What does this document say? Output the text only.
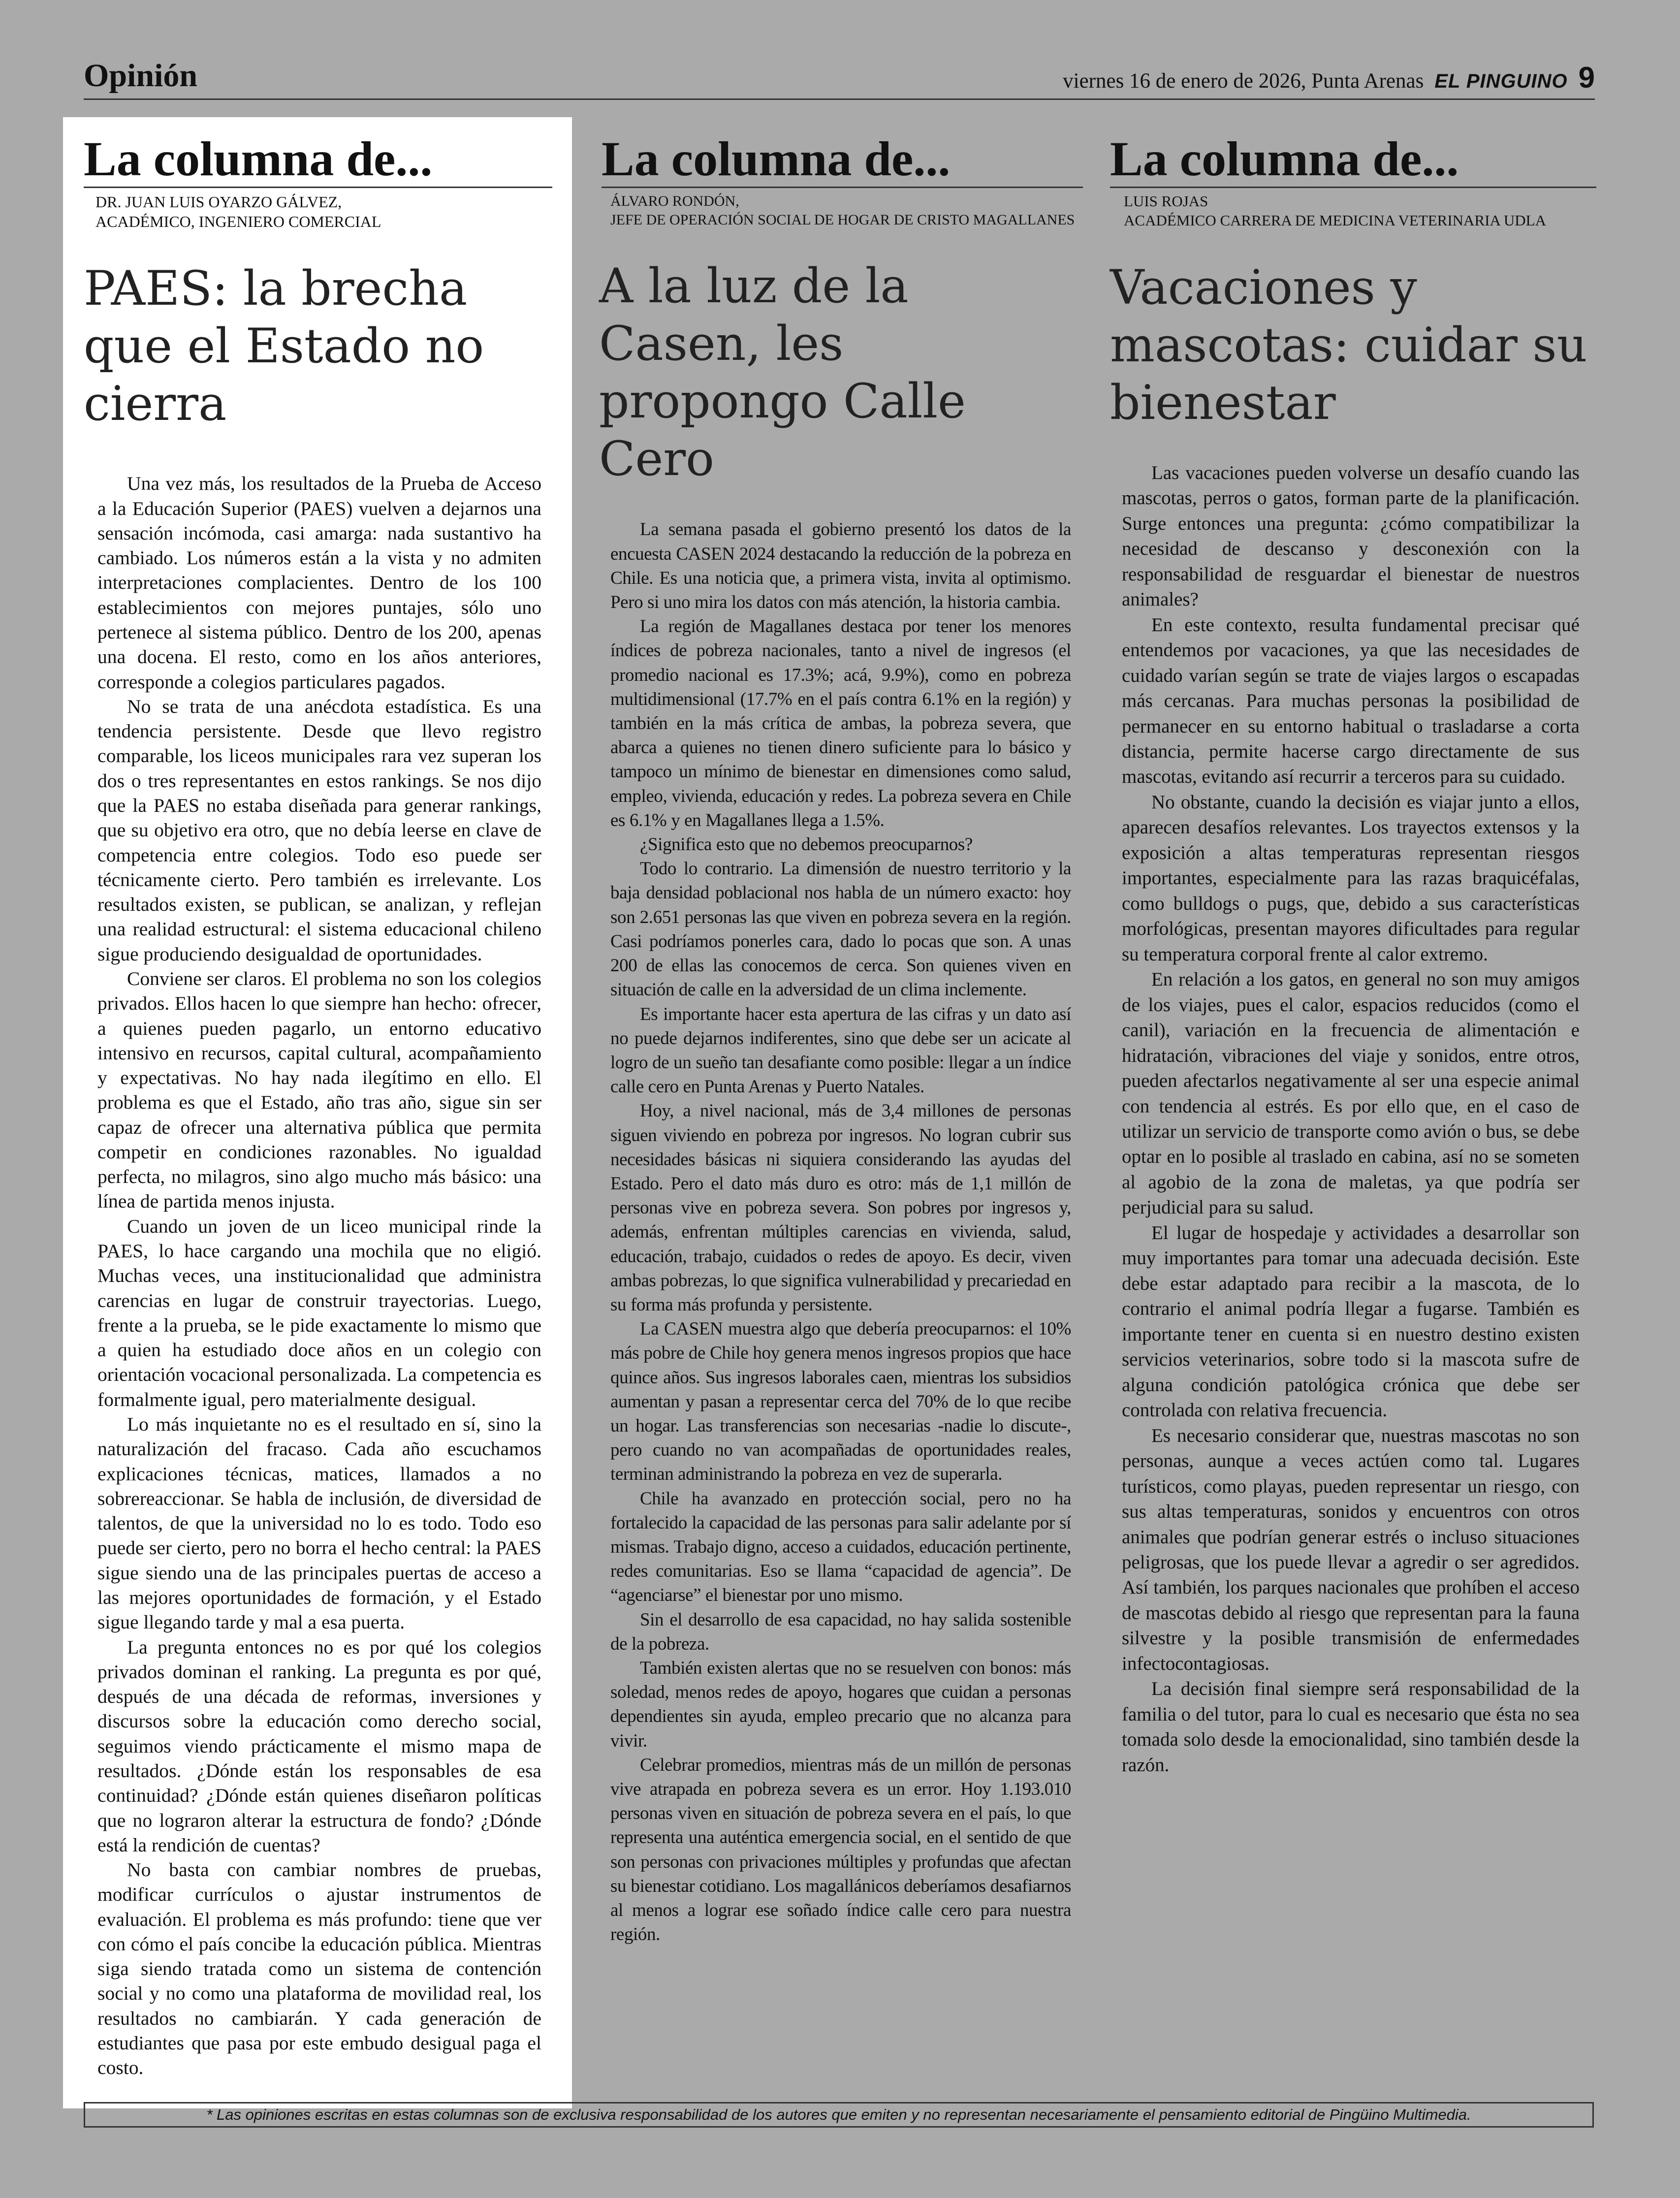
Opinión	viernes 16 de enero de 2026, Punta Arenas EL PINGUINO 9
La columna de...
DR. JUAN LUIS OYARZO GÁLVEZ,
ACADÉMICO, INGENIERO COMERCIAL
PAES: la brecha que el Estado no cierra

Una vez más, los resultados de la Prueba de Acceso a la Educación Superior (PAES) vuelven a dejarnos una sensación incómoda, casi amarga: nada sustantivo ha cambiado. Los números están a la vista y no admiten interpretaciones complacientes. Dentro de los 100 establecimientos con mejores puntajes, sólo uno pertenece al sistema público. Dentro de los 200, apenas una docena. El resto, como en los años anteriores, corresponde a colegios particulares pagados.

No se trata de una anécdota estadística. Es una tendencia persistente. Desde que llevo registro comparable, los liceos municipales rara vez superan los dos o tres representantes en estos rankings. Se nos dijo que la PAES no estaba diseñada para generar rankings, que su objetivo era otro, que no debía leerse en clave de competencia entre colegios. Todo eso puede ser técnicamente cierto. Pero también es irrelevante. Los resultados existen, se publican, se analizan, y reflejan una realidad estructural: el sistema educacional chileno sigue produciendo desigualdad de oportunidades.

Conviene ser claros. El problema no son los colegios privados. Ellos hacen lo que siempre han hecho: ofrecer, a quienes pueden pagarlo, un entorno educativo intensivo en recursos, capital cultural, acompañamiento y expectativas. No hay nada ilegítimo en ello. El problema es que el Estado, año tras año, sigue sin ser capaz de ofrecer una alternativa pública que permita competir en condiciones razonables. No igualdad perfecta, no milagros, sino algo mucho más básico: una línea de partida menos injusta.

Cuando un joven de un liceo municipal rinde la PAES, lo hace cargando una mochila que no eligió. Muchas veces, una institucionalidad que administra carencias en lugar de construir trayectorias. Luego, frente a la prueba, se le pide exactamente lo mismo que a quien ha estudiado doce años en un colegio con orientación vocacional personalizada. La competencia es formalmente igual, pero materialmente desigual.

Lo más inquietante no es el resultado en sí, sino la naturalización del fracaso. Cada año escuchamos explicaciones técnicas, matices, llamados a no sobrereaccionar. Se habla de inclusión, de diversidad de talentos, de que la universidad no lo es todo. Todo eso puede ser cierto, pero no borra el hecho central: la PAES sigue siendo una de las principales puertas de acceso a las mejores oportunidades de formación, y el Estado sigue llegando tarde y mal a esa puerta.

La pregunta entonces no es por qué los colegios privados dominan el ranking. La pregunta es por qué, después de una década de reformas, inversiones y discursos sobre la educación como derecho social, seguimos viendo prácticamente el mismo mapa de resultados. ¿Dónde están los responsables de esa continuidad? ¿Dónde están quienes diseñaron políticas que no lograron alterar la estructura de fondo? ¿Dónde está la rendición de cuentas?

No basta con cambiar nombres de pruebas, modificar currículos o ajustar instrumentos de evaluación. El problema es más profundo: tiene que ver con cómo el país concibe la educación pública. Mientras siga siendo tratada como un sistema de contención social y no como una plataforma de movilidad real, los resultados no cambiarán. Y cada generación de estudiantes que pasa por este embudo desigual paga el costo.

La columna de...
ÁLVARO RONDÓN,
JEFE DE OPERACIÓN SOCIAL DE HOGAR DE CRISTO MAGALLANES
A la luz de la Casen, les propongo Calle Cero

La semana pasada el gobierno presentó los datos de la encuesta CASEN 2024 destacando la reducción de la pobreza en Chile. Es una noticia que, a primera vista, invita al optimismo. Pero si uno mira los datos con más atención, la historia cambia.

La región de Magallanes destaca por tener los menores índices de pobreza nacionales, tanto a nivel de ingresos (el promedio nacional es 17.3%; acá, 9.9%), como en pobreza multidimensional (17.7% en el país contra 6.1% en la región) y también en la más crítica de ambas, la pobreza severa, que abarca a quienes no tienen dinero suficiente para lo básico y tampoco un mínimo de bienestar en dimensiones como salud, empleo, vivienda, educación y redes. La pobreza severa en Chile es 6.1% y en Magallanes llega a 1.5%.

¿Significa esto que no debemos preocuparnos?

Todo lo contrario. La dimensión de nuestro territorio y la baja densidad poblacional nos habla de un número exacto: hoy son 2.651 personas las que viven en pobreza severa en la región. Casi podríamos ponerles cara, dado lo pocas que son. A unas 200 de ellas las conocemos de cerca. Son quienes viven en situación de calle en la adversidad de un clima inclemente.

Es importante hacer esta apertura de las cifras y un dato así no puede dejarnos indiferentes, sino que debe ser un acicate al logro de un sueño tan desafiante como posible: llegar a un índice calle cero en Punta Arenas y Puerto Natales.

Hoy, a nivel nacional, más de 3,4 millones de personas siguen viviendo en pobreza por ingresos. No logran cubrir sus necesidades básicas ni siquiera considerando las ayudas del Estado. Pero el dato más duro es otro: más de 1,1 millón de personas vive en pobreza severa. Son pobres por ingresos y, además, enfrentan múltiples carencias en vivienda, salud, educación, trabajo, cuidados o redes de apoyo. Es decir, viven ambas pobrezas, lo que significa vulnerabilidad y precariedad en su forma más profunda y persistente.

La CASEN muestra algo que debería preocuparnos: el 10% más pobre de Chile hoy genera menos ingresos propios que hace quince años. Sus ingresos laborales caen, mientras los subsidios aumentan y pasan a representar cerca del 70% de lo que recibe un hogar. Las transferencias son necesarias -nadie lo discute-, pero cuando no van acompañadas de oportunidades reales, terminan administrando la pobreza en vez de superarla.

Chile ha avanzado en protección social, pero no ha fortalecido la capacidad de las personas para salir adelante por sí mismas. Trabajo digno, acceso a cuidados, educación pertinente, redes comunitarias. Eso se llama “capacidad de agencia”. De “agenciarse” el bienestar por uno mismo.

Sin el desarrollo de esa capacidad, no hay salida sostenible de la pobreza.

También existen alertas que no se resuelven con bonos: más soledad, menos redes de apoyo, hogares que cuidan a personas dependientes sin ayuda, empleo precario que no alcanza para vivir.

Celebrar promedios, mientras más de un millón de personas vive atrapada en pobreza severa es un error. Hoy 1.193.010 personas viven en situación de pobreza severa en el país, lo que representa una auténtica emergencia social, en el sentido de que son personas con privaciones múltiples y profundas que afectan su bienestar cotidiano. Los magallánicos deberíamos desafiarnos al menos a lograr ese soñado índice calle cero para nuestra región.

La columna de...
LUIS ROJAS
ACADÉMICO CARRERA DE MEDICINA VETERINARIA UDLA
Vacaciones y mascotas: cuidar su bienestar

Las vacaciones pueden volverse un desafío cuando las mascotas, perros o gatos, forman parte de la planificación. Surge entonces una pregunta: ¿cómo compatibilizar la necesidad de descanso y desconexión con la responsabilidad de resguardar el bienestar de nuestros animales?

En este contexto, resulta fundamental precisar qué entendemos por vacaciones, ya que las necesidades de cuidado varían según se trate de viajes largos o escapadas más cercanas. Para muchas personas la posibilidad de permanecer en su entorno habitual o trasladarse a corta distancia, permite hacerse cargo directamente de sus mascotas, evitando así recurrir a terceros para su cuidado.

No obstante, cuando la decisión es viajar junto a ellos, aparecen desafíos relevantes. Los trayectos extensos y la exposición a altas temperaturas representan riesgos importantes, especialmente para las razas braquicéfalas, como bulldogs o pugs, que, debido a sus características morfológicas, presentan mayores dificultades para regular su temperatura corporal frente al calor extremo.

En relación a los gatos, en general no son muy amigos de los viajes, pues el calor, espacios reducidos (como el canil), variación en la frecuencia de alimentación e hidratación, vibraciones del viaje y sonidos, entre otros, pueden afectarlos negativamente al ser una especie animal con tendencia al estrés. Es por ello que, en el caso de utilizar un servicio de transporte como avión o bus, se debe optar en lo posible al traslado en cabina, así no se someten al agobio de la zona de maletas, ya que podría ser perjudicial para su salud.

El lugar de hospedaje y actividades a desarrollar son muy importantes para tomar una adecuada decisión. Este debe estar adaptado para recibir a la mascota, de lo contrario el animal podría llegar a fugarse. También es importante tener en cuenta si en nuestro destino existen servicios veterinarios, sobre todo si la mascota sufre de alguna condición patológica crónica que debe ser controlada con relativa frecuencia.

Es necesario considerar que, nuestras mascotas no son personas, aunque a veces actúen como tal. Lugares turísticos, como playas, pueden representar un riesgo, con sus altas temperaturas, sonidos y encuentros con otros animales que podrían generar estrés o incluso situaciones peligrosas, que los puede llevar a agredir o ser agredidos. Así también, los parques nacionales que prohíben el acceso de mascotas debido al riesgo que representan para la fauna silvestre y la posible transmisión de enfermedades infectocontagiosas.

La decisión final siempre será responsabilidad de la familia o del tutor, para lo cual es necesario que ésta no sea tomada solo desde la emocionalidad, sino también desde la razón.

* Las opiniones escritas en estas columnas son de exclusiva responsabilidad de los autores que emiten y no representan necesariamente el pensamiento editorial de Pingüino Multimedia.
